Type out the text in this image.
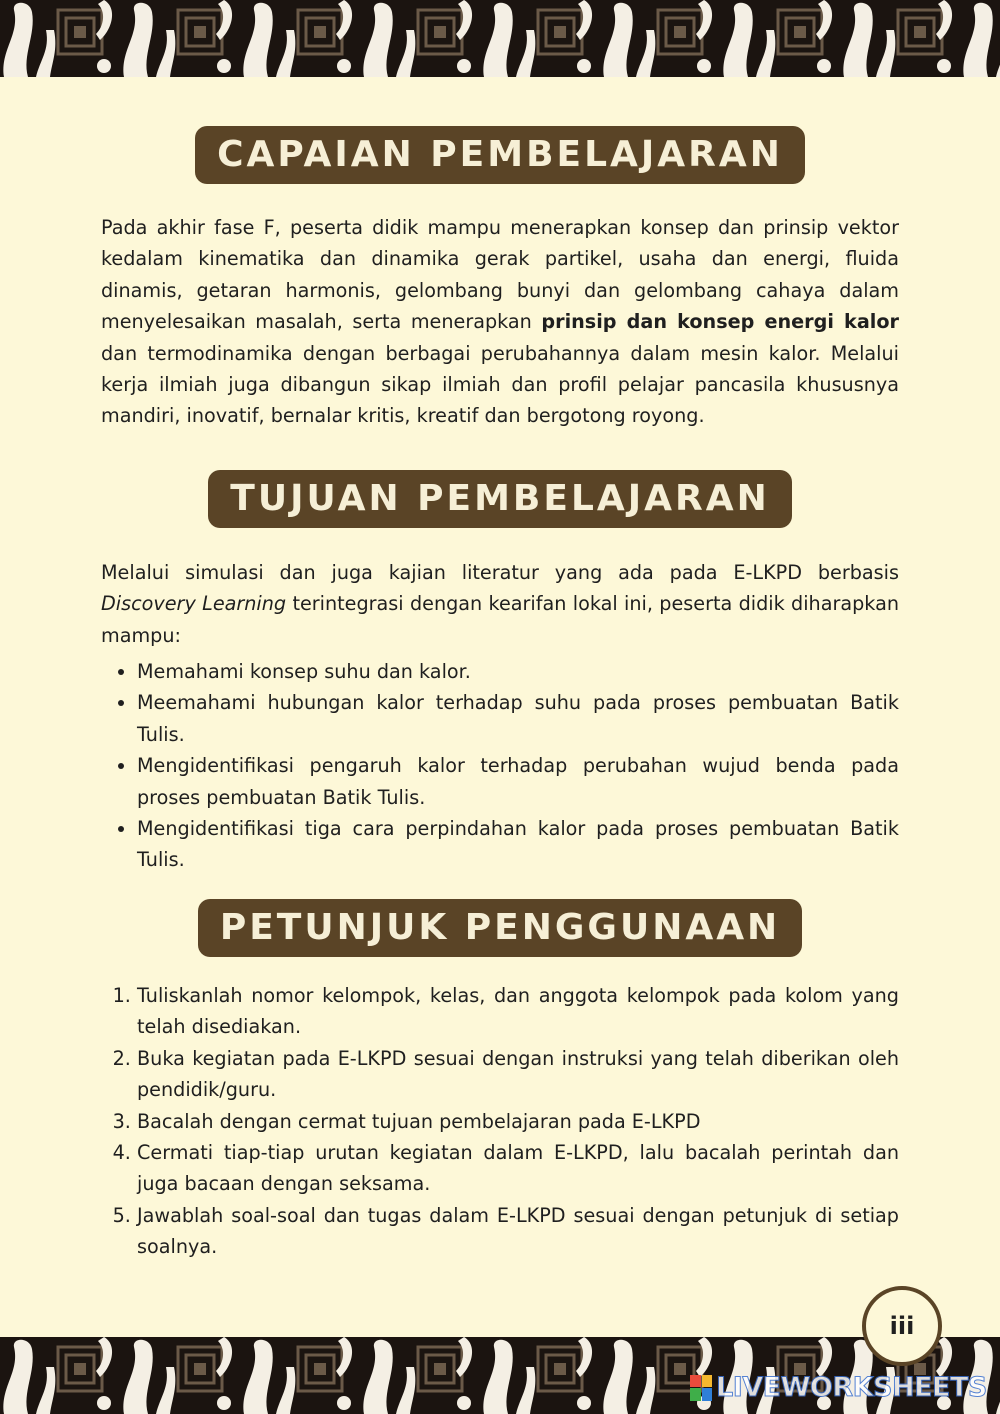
CAPAIAN PEMBELAJARAN

Pada akhir fase F, peserta didik mampu menerapkan konsep dan prinsip vektor kedalam kinematika dan dinamika gerak partikel, usaha dan energi, fluida dinamis, getaran harmonis, gelombang bunyi dan gelombang cahaya dalam menyelesaikan masalah, serta menerapkan prinsip dan konsep energi kalor dan termodinamika dengan berbagai perubahannya dalam mesin kalor. Melalui kerja ilmiah juga dibangun sikap ilmiah dan profil pelajar pancasila khususnya mandiri, inovatif, bernalar kritis, kreatif dan bergotong royong.

TUJUAN PEMBELAJARAN

Melalui simulasi dan juga kajian literatur yang ada pada E-LKPD berbasis Discovery Learning terintegrasi dengan kearifan lokal ini, peserta didik diharapkan mampu:

• Memahami konsep suhu dan kalor.
• Meemahami hubungan kalor terhadap suhu pada proses pembuatan Batik Tulis.
• Mengidentifikasi pengaruh kalor terhadap perubahan wujud benda pada proses pembuatan Batik Tulis.
• Mengidentifikasi tiga cara perpindahan kalor pada proses pembuatan Batik Tulis.
PETUNJUK PENGGUNAAN
1. Tuliskanlah nomor kelompok, kelas, dan anggota kelompok pada kolom yang telah disediakan.
2. Buka kegiatan pada E-LKPD sesuai dengan instruksi yang telah diberikan oleh pendidik/guru.
3. Bacalah dengan cermat tujuan pembelajaran pada E-LKPD
4. Cermati tiap-tiap urutan kegiatan dalam E-LKPD, lalu bacalah perintah dan juga bacaan dengan seksama.
5. Jawablah soal-soal dan tugas dalam E-LKPD sesuai dengan petunjuk di setiap soalnya.
iii
LIVEWORKSHEETS
